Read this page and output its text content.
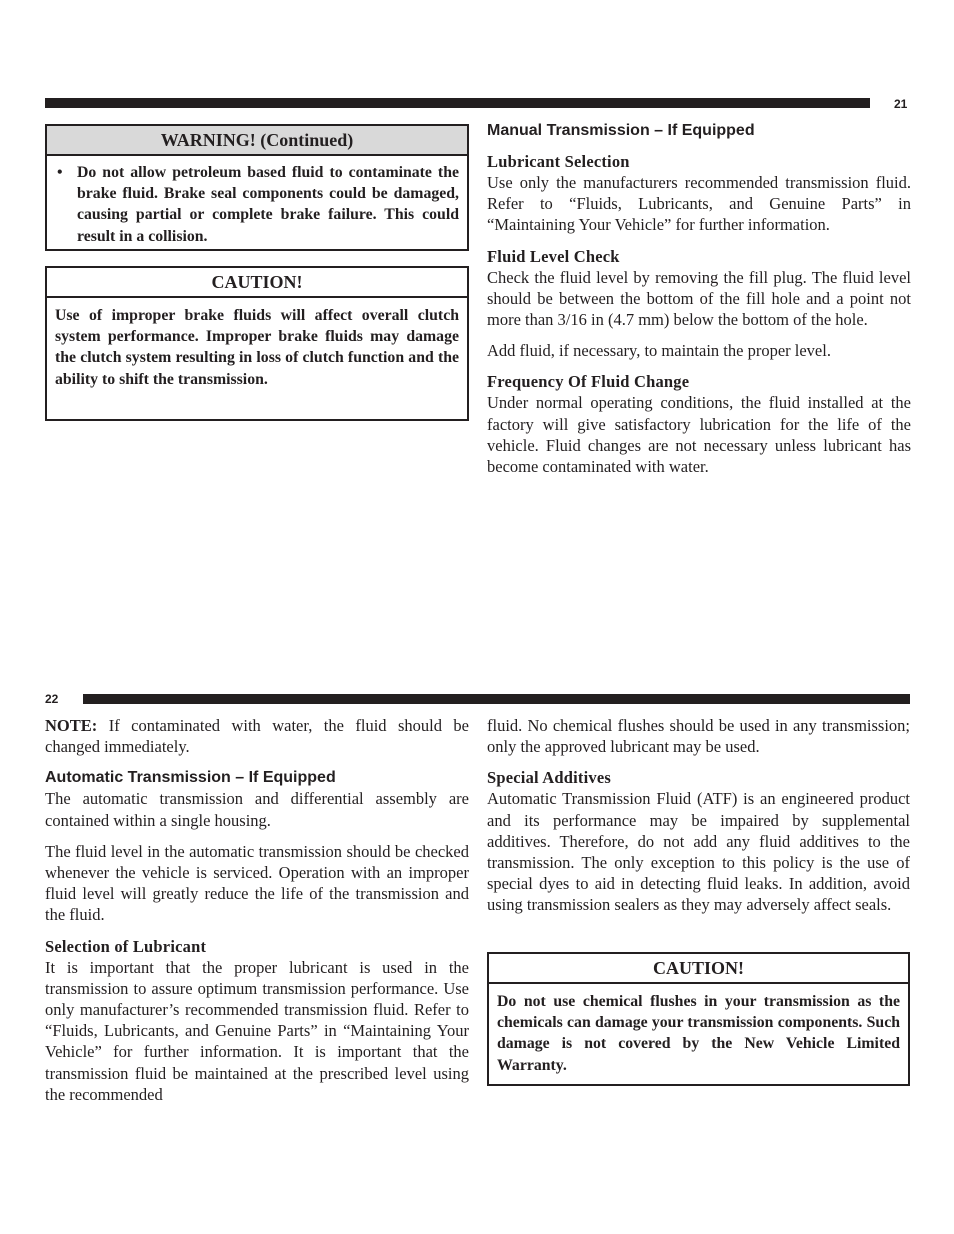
21
WARNING! (Continued)
• Do not allow petroleum based fluid to contaminate the brake fluid. Brake seal components could be damaged, causing partial or complete brake failure. This could result in a collision.
CAUTION!
Use of improper brake fluids will affect overall clutch system performance. Improper brake fluids may damage the clutch system resulting in loss of clutch function and the ability to shift the transmission.
Manual Transmission – If Equipped
Lubricant Selection

Use only the manufacturers recommended transmission fluid. Refer to “Fluids, Lubricants, and Genuine Parts” in “Maintaining Your Vehicle” for further information.

Fluid Level Check

Check the fluid level by removing the fill plug. The fluid level should be between the bottom of the fill hole and a point not more than 3/16 in (4.7 mm) below the bottom of the hole.

Add fluid, if necessary, to maintain the proper level.

Frequency Of Fluid Change

Under normal operating conditions, the fluid installed at the factory will give satisfactory lubrication for the life of the vehicle. Fluid changes are not necessary unless lubricant has become contaminated with water.

22

NOTE: If contaminated with water, the fluid should be changed immediately.

Automatic Transmission – If Equipped

The automatic transmission and differential assembly are contained within a single housing.

The fluid level in the automatic transmission should be checked whenever the vehicle is serviced. Operation with an improper fluid level will greatly reduce the life of the transmission and the fluid.

Selection of Lubricant

It is important that the proper lubricant is used in the transmission to assure optimum transmission performance. Use only manufacturer’s recommended transmission fluid. Refer to “Fluids, Lubricants, and Genuine Parts” in “Maintaining Your Vehicle” for further information. It is important that the transmission fluid be maintained at the prescribed level using the recommended

fluid. No chemical flushes should be used in any transmission; only the approved lubricant may be used.

Special Additives

Automatic Transmission Fluid (ATF) is an engineered product and its performance may be impaired by supplemental additives. Therefore, do not add any fluid additives to the transmission. The only exception to this policy is the use of special dyes to aid in detecting fluid leaks. In addition, avoid using transmission sealers as they may adversely affect seals.

CAUTION!
Do not use chemical flushes in your transmission as the chemicals can damage your transmission components. Such damage is not covered by the New Vehicle Limited Warranty.
